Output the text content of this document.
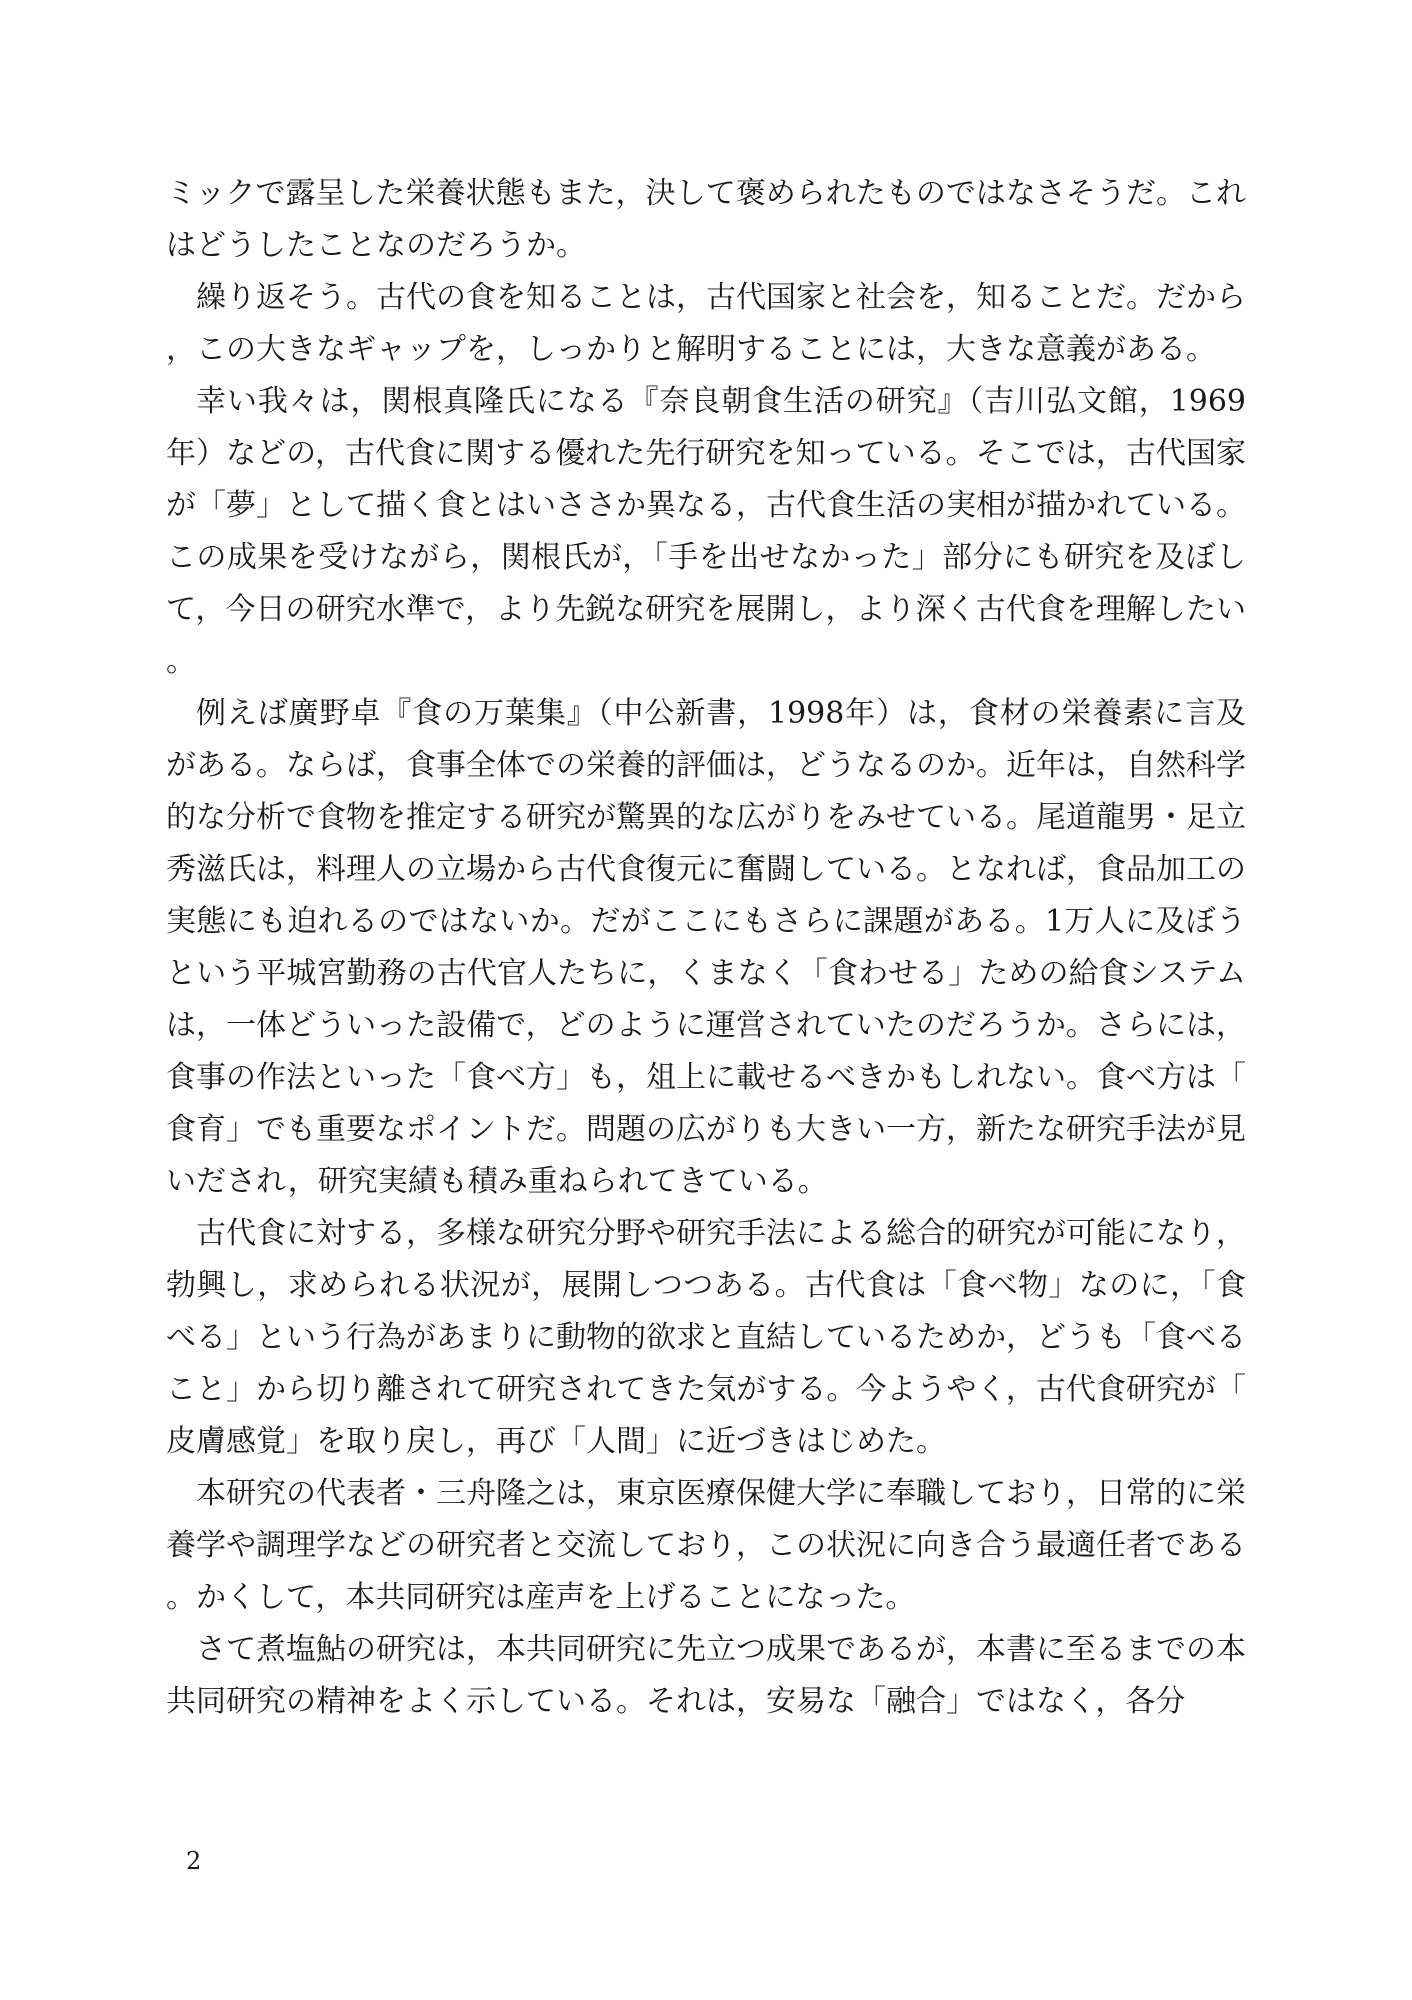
ミックで露呈した栄養状態もまた，決して褒められたものではなさそうだ。これはどうしたことなのだろうか。

繰り返そう。古代の食を知ることは，古代国家と社会を，知ることだ。だから，この大きなギャップを，しっかりと解明することには，大きな意義がある。

幸い我々は，関根真隆氏になる『奈良朝食生活の研究』（吉川弘文館，1969年）などの，古代食に関する優れた先行研究を知っている。そこでは，古代国家が「夢」として描く食とはいささか異なる，古代食生活の実相が描かれている。この成果を受けながら，関根氏が，「手を出せなかった」部分にも研究を及ぼして，今日の研究水準で，より先鋭な研究を展開し，より深く古代食を理解したい。

例えば廣野卓『食の万葉集』（中公新書，1998年）は，食材の栄養素に言及がある。ならば，食事全体での栄養的評価は，どうなるのか。近年は，自然科学的な分析で食物を推定する研究が驚異的な広がりをみせている。尾道龍男・足立秀滋氏は，料理人の立場から古代食復元に奮闘している。となれば，食品加工の実態にも迫れるのではないか。だがここにもさらに課題がある。1万人に及ぼうという平城宮勤務の古代官人たちに，くまなく「食わせる」ための給食システムは，一体どういった設備で，どのように運営されていたのだろうか。さらには，食事の作法といった「食べ方」も，俎上に載せるべきかもしれない。食べ方は「食育」でも重要なポイントだ。問題の広がりも大きい一方，新たな研究手法が見いだされ，研究実績も積み重ねられてきている。

古代食に対する，多様な研究分野や研究手法による総合的研究が可能になり，勃興し，求められる状況が，展開しつつある。古代食は「食べ物」なのに，「食べる」という行為があまりに動物的欲求と直結しているためか，どうも「食べること」から切り離されて研究されてきた気がする。今ようやく，古代食研究が「皮膚感覚」を取り戻し，再び「人間」に近づきはじめた。

本研究の代表者・三舟隆之は，東京医療保健大学に奉職しており，日常的に栄養学や調理学などの研究者と交流しており，この状況に向き合う最適任者である。かくして，本共同研究は産声を上げることになった。

さて煮塩鮎の研究は，本共同研究に先立つ成果であるが，本書に至るまでの本共同研究の精神をよく示している。それは，安易な「融合」ではなく，各分

2
